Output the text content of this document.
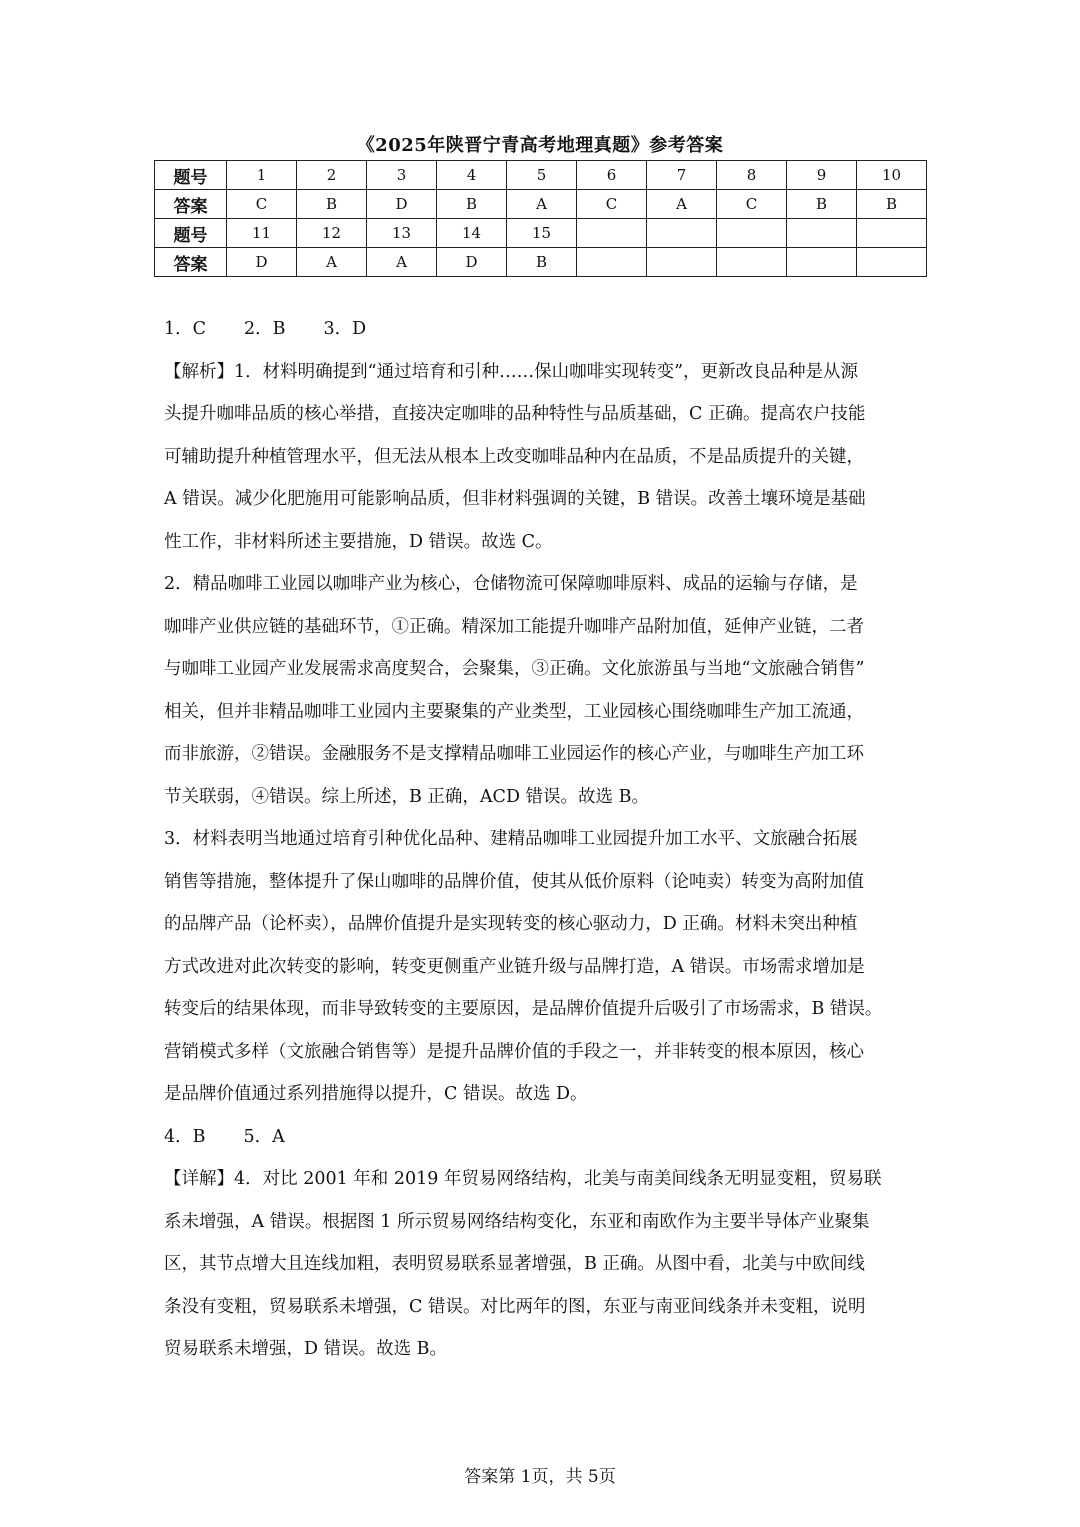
《2025年陕晋宁青高考地理真题》参考答案
题号	1	2	3	4	5	6	7	8	9	10
答案	C	B	D	B	A	C	A	C	B	B
题号	11	12	13	14	15					
答案	D	A	A	D	B					

1．C 2．B 3．D

【解析】1．材料明确提到“通过培育和引种……保山咖啡实现转变”，更新改良品种是从源

头提升咖啡品质的核心举措，直接决定咖啡的品种特性与品质基础，C 正确。提高农户技能

可辅助提升种植管理水平，但无法从根本上改变咖啡品种内在品质，不是品质提升的关键，

A 错误。减少化肥施用可能影响品质，但非材料强调的关键，B 错误。改善土壤环境是基础

性工作，非材料所述主要措施，D 错误。故选 C。

2．精品咖啡工业园以咖啡产业为核心，仓储物流可保障咖啡原料、成品的运输与存储，是

咖啡产业供应链的基础环节，①正确。精深加工能提升咖啡产品附加值，延伸产业链，二者

与咖啡工业园产业发展需求高度契合，会聚集，③正确。文化旅游虽与当地“文旅融合销售”

相关，但并非精品咖啡工业园内主要聚集的产业类型，工业园核心围绕咖啡生产加工流通，

而非旅游，②错误。金融服务不是支撑精品咖啡工业园运作的核心产业，与咖啡生产加工环

节关联弱，④错误。综上所述，B 正确，ACD 错误。故选 B。

3．材料表明当地通过培育引种优化品种、建精品咖啡工业园提升加工水平、文旅融合拓展

销售等措施，整体提升了保山咖啡的品牌价值，使其从低价原料（论吨卖）转变为高附加值

的品牌产品（论杯卖），品牌价值提升是实现转变的核心驱动力，D 正确。材料未突出种植

方式改进对此次转变的影响，转变更侧重产业链升级与品牌打造，A 错误。市场需求增加是

转变后的结果体现，而非导致转变的主要原因，是品牌价值提升后吸引了市场需求，B 错误。

营销模式多样（文旅融合销售等）是提升品牌价值的手段之一，并非转变的根本原因，核心

是品牌价值通过系列措施得以提升，C 错误。故选 D。

4．B 5．A

【详解】4．对比 2001 年和 2019 年贸易网络结构，北美与南美间线条无明显变粗，贸易联

系未增强，A 错误。根据图 1 所示贸易网络结构变化，东亚和南欧作为主要半导体产业聚集

区，其节点增大且连线加粗，表明贸易联系显著增强，B 正确。从图中看，北美与中欧间线

条没有变粗，贸易联系未增强，C 错误。对比两年的图，东亚与南亚间线条并未变粗，说明

贸易联系未增强，D 错误。故选 B。

答案第 1页，共 5页
